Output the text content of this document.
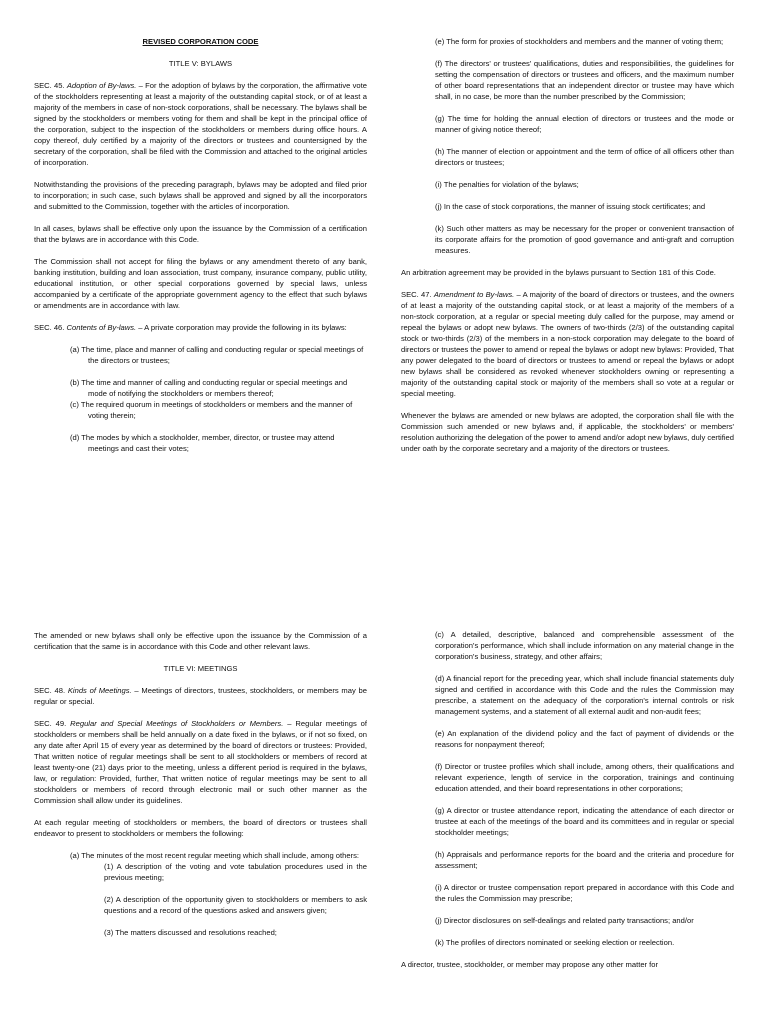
REVISED CORPORATION CODE

TITLE V: BYLAWS

SEC. 45. Adoption of By-laws. – For the adoption of bylaws by the corporation, the affirmative vote of the stockholders representing at least a majority of the outstanding capital stock, or of at least a majority of the members in case of non-stock corporations, shall be necessary. The bylaws shall be signed by the stockholders or members voting for them and shall be kept in the principal office of the corporation, subject to the inspection of the stockholders or members during office hours. A copy thereof, duly certified by a majority of the directors or trustees and countersigned by the secretary of the corporation, shall be filed with the Commission and attached to the original articles of incorporation.

Notwithstanding the provisions of the preceding paragraph, bylaws may be adopted and filed prior to incorporation; in such case, such bylaws shall be approved and signed by all the incorporators and submitted to the Commission, together with the articles of incorporation.

In all cases, bylaws shall be effective only upon the issuance by the Commission of a certification that the bylaws are in accordance with this Code.

The Commission shall not accept for filing the bylaws or any amendment thereto of any bank, banking institution, building and loan association, trust company, insurance company, public utility, educational institution, or other special corporations governed by special laws, unless accompanied by a certificate of the appropriate government agency to the effect that such bylaws or amendments are in accordance with law.

SEC. 46. Contents of By-laws. – A private corporation may provide the following in its bylaws:

(a) The time, place and manner of calling and conducting regular or special meetings of the directors or trustees;
(b) The time and manner of calling and conducting regular or special meetings and mode of notifying the stockholders or members thereof;
(c) The required quorum in meetings of stockholders or members and the manner of voting therein;
(d) The modes by which a stockholder, member, director, or trustee may attend meetings and cast their votes;

(e) The form for proxies of stockholders and members and the manner of voting them;

(f) The directors' or trustees' qualifications, duties and responsibilities, the guidelines for setting the compensation of directors or trustees and officers, and the maximum number of other board representations that an independent director or trustee may have which shall, in no case, be more than the number prescribed by the Commission;

(g) The time for holding the annual election of directors or trustees and the mode or manner of giving notice thereof;

(h) The manner of election or appointment and the term of office of all officers other than directors or trustees;

(i) The penalties for violation of the bylaws;

(j) In the case of stock corporations, the manner of issuing stock certificates; and

(k) Such other matters as may be necessary for the proper or convenient transaction of its corporate affairs for the promotion of good governance and anti-graft and corruption measures.

An arbitration agreement may be provided in the bylaws pursuant to Section 181 of this Code.

SEC. 47. Amendment to By-laws. – A majority of the board of directors or trustees, and the owners of at least a majority of the outstanding capital stock, or at least a majority of the members of a non-stock corporation, at a regular or special meeting duly called for the purpose, may amend or repeal the bylaws or adopt new bylaws. The owners of two-thirds (2/3) of the outstanding capital stock or two-thirds (2/3) of the members in a non-stock corporation may delegate to the board of directors or trustees the power to amend or repeal the bylaws or adopt new bylaws: Provided, That any power delegated to the board of directors or trustees to amend or repeal the bylaws or adopt new bylaws shall be considered as revoked whenever stockholders owning or representing a majority of the outstanding capital stock or majority of the members shall so vote at a regular or special meeting.

Whenever the bylaws are amended or new bylaws are adopted, the corporation shall file with the Commission such amended or new bylaws and, if applicable, the stockholders' or members' resolution authorizing the delegation of the power to amend and/or adopt new bylaws, duly certified under oath by the corporate secretary and a majority of the directors or trustees.

The amended or new bylaws shall only be effective upon the issuance by the Commission of a certification that the same is in accordance with this Code and other relevant laws.

TITLE VI: MEETINGS

SEC. 48. Kinds of Meetings. – Meetings of directors, trustees, stockholders, or members may be regular or special.

SEC. 49. Regular and Special Meetings of Stockholders or Members. – Regular meetings of stockholders or members shall be held annually on a date fixed in the bylaws, or if not so fixed, on any date after April 15 of every year as determined by the board of directors or trustees: Provided, That written notice of regular meetings shall be sent to all stockholders or members of record at least twenty-one (21) days prior to the meeting, unless a different period is required in the bylaws, law, or regulation: Provided, further, That written notice of regular meetings may be sent to all stockholders or members of record through electronic mail or such other manner as the Commission shall allow under its guidelines.

At each regular meeting of stockholders or members, the board of directors or trustees shall endeavor to present to stockholders or members the following:

(a) The minutes of the most recent regular meeting which shall include, among others:

(1) A description of the voting and vote tabulation procedures used in the previous meeting;

(2) A description of the opportunity given to stockholders or members to ask questions and a record of the questions asked and answers given;

(3) The matters discussed and resolutions reached;

(c) A detailed, descriptive, balanced and comprehensible assessment of the corporation's performance, which shall include information on any material change in the corporation's business, strategy, and other affairs;

(d) A financial report for the preceding year, which shall include financial statements duly signed and certified in accordance with this Code and the rules the Commission may prescribe, a statement on the adequacy of the corporation's internal controls or risk management systems, and a statement of all external audit and non-audit fees;

(e) An explanation of the dividend policy and the fact of payment of dividends or the reasons for nonpayment thereof;

(f) Director or trustee profiles which shall include, among others, their qualifications and relevant experience, length of service in the corporation, trainings and continuing education attended, and their board representations in other corporations;

(g) A director or trustee attendance report, indicating the attendance of each director or trustee at each of the meetings of the board and its committees and in regular or special stockholder meetings;

(h) Appraisals and performance reports for the board and the criteria and procedure for assessment;

(i) A director or trustee compensation report prepared in accordance with this Code and the rules the Commission may prescribe;

(j) Director disclosures on self-dealings and related party transactions; and/or

(k) The profiles of directors nominated or seeking election or reelection.

A director, trustee, stockholder, or member may propose any other matter for
